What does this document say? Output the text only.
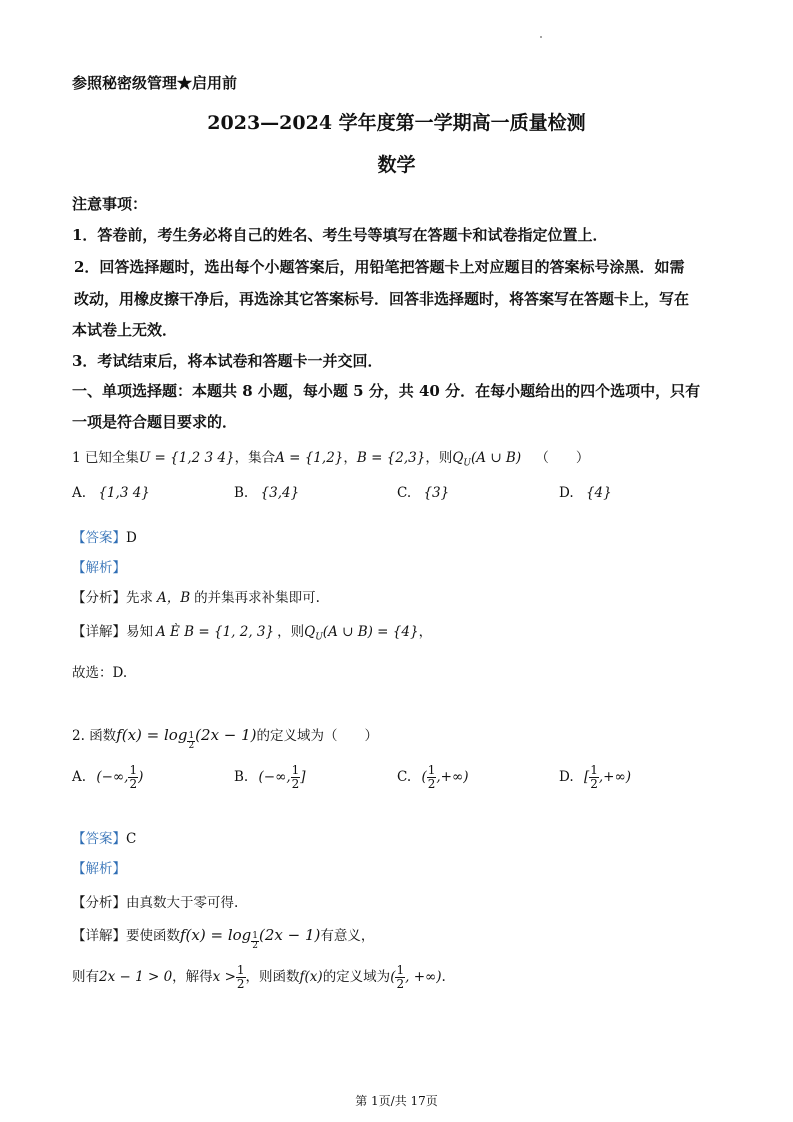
参照秘密级管理★启用前
2023—2024 学年度第一学期高一质量检测
数学
注意事项：
1．答卷前，考生务必将自己的姓名、考生号等填写在答题卡和试卷指定位置上．
2．回答选择题时，选出每个小题答案后，用铅笔把答题卡上对应题目的答案标号涂黑．如需
改动，用橡皮擦干净后，再选涂其它答案标号．回答非选择题时，将答案写在答题卡上，写在
本试卷上无效．
3．考试结束后，将本试卷和答题卡一并交回．
一、单项选择题：本题共 8 小题，每小题 5 分，共 40 分．在每小题给出的四个选项中，只有
一项是符合题目要求的．
1 已知全集U = {1,2 3 4}，集合A = {1,2}，B = {2,3}，则$Q_U(A$ ∪ B) （　　）
A. {1,3 4}	B. {3,4}	C. {3}	D. {4}
【答案】D
【解析】
【分析】先求 A，B 的并集再求补集即可.
【详解】易知 A È B = {1, 2, 3} ，则$Q_U(A$ ∪ B) = {4}，
故选：D.
2. 函数$f(x) = \log \frac{1}{2} (2x - 1)$的定义域为（　　）
A. (−∞, $\frac{1}{2}$ )	B. (−∞, $\frac{1}{2}$ ]	C. ( $\frac{1}{2}$ ,+∞)	D. [ $\frac{1}{2}$ ,+∞)
【答案】C
【解析】
【分析】由真数大于零可得.
【详解】要使函数$f(x) = \log \frac{1}{2} (2x - 1)$有意义，
则有2x − 1 > 0，解得$x > \frac{1}{2}$ ，则函数f(x)的定义域为( $\frac{1}{2}$ , +∞).
第 1页/共 17页
